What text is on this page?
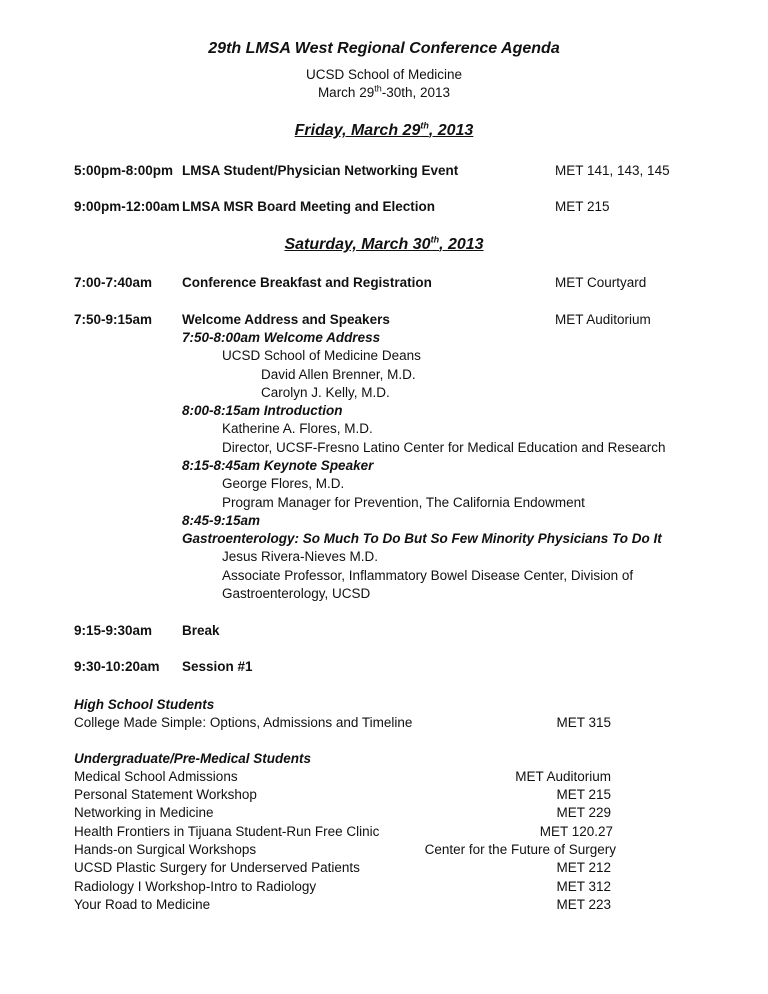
29th LMSA West Regional Conference Agenda
UCSD School of Medicine
March 29th-30th, 2013
Friday, March 29th, 2013
5:00pm-8:00pm LMSA Student/Physician Networking Event	MET 141, 143, 145
9:00pm-12:00am LMSA MSR Board Meeting and Election	MET 215
Saturday, March 30th, 2013
7:00-7:40am Conference Breakfast and Registration	MET Courtyard
7:50-9:15am Welcome Address and Speakers	MET Auditorium
7:50-8:00am Welcome Address
UCSD School of Medicine Deans
David Allen Brenner, M.D.
Carolyn J. Kelly, M.D.
8:00-8:15am Introduction
Katherine A. Flores, M.D.
Director, UCSF-Fresno Latino Center for Medical Education and Research
8:15-8:45am Keynote Speaker
George Flores, M.D.
Program Manager for Prevention, The California Endowment
8:45-9:15am
Gastroenterology: So Much To Do But So Few Minority Physicians To Do It
Jesus Rivera-Nieves M.D.
Associate Professor, Inflammatory Bowel Disease Center, Division of
Gastroenterology, UCSD
9:15-9:30am Break
9:30-10:20am Session #1
High School Students
College Made Simple: Options, Admissions and Timeline	MET 315
Undergraduate/Pre-Medical Students
Medical School Admissions	MET Auditorium
Personal Statement Workshop	MET 215
Networking in Medicine	MET 229
Health Frontiers in Tijuana Student-Run Free Clinic	MET 120.27
Hands-on Surgical Workshops	Center for the Future of Surgery
UCSD Plastic Surgery for Underserved Patients	MET 212
Radiology I Workshop-Intro to Radiology	MET 312
Your Road to Medicine	MET 223
